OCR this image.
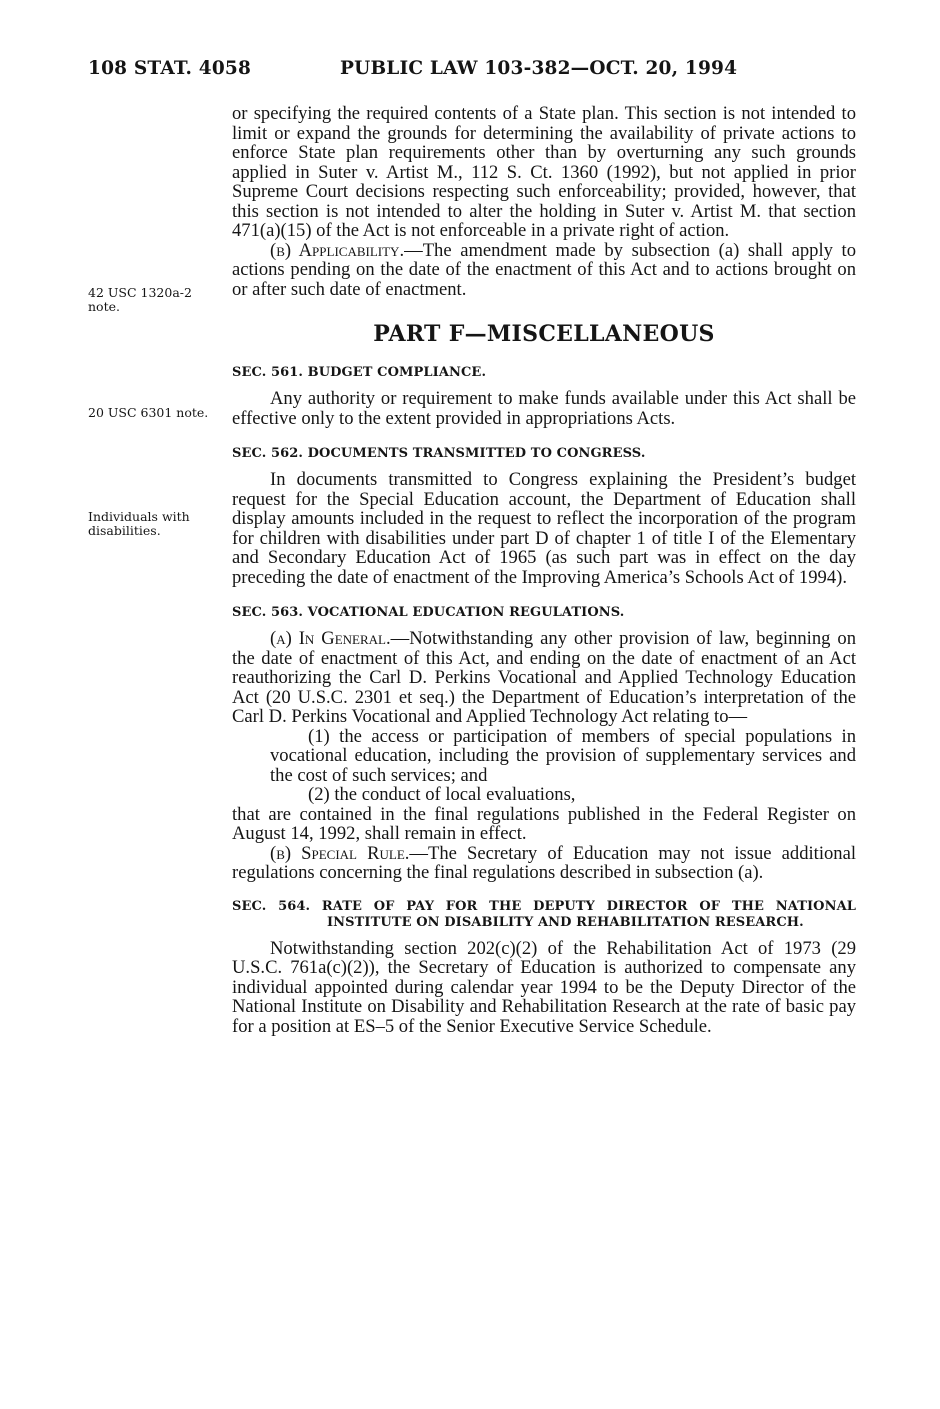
108 STAT. 4058	PUBLIC LAW 103-382—OCT. 20, 1994
42 USC 1320a-2 note.
20 USC 6301 note.
Individuals with disabilities.

or specifying the required contents of a State plan. This section is not intended to limit or expand the grounds for determining the availability of private actions to enforce State plan requirements other than by overturning any such grounds applied in Suter v. Artist M., 112 S. Ct. 1360 (1992), but not applied in prior Supreme Court decisions respecting such enforceability; provided, however, that this section is not intended to alter the holding in Suter v. Artist M. that section 471(a)(15) of the Act is not enforceable in a private right of action.

(b) Applicability.—The amendment made by subsection (a) shall apply to actions pending on the date of the enactment of this Act and to actions brought on or after such date of enactment.

PART F—MISCELLANEOUS
SEC. 561. BUDGET COMPLIANCE.

Any authority or requirement to make funds available under this Act shall be effective only to the extent provided in appropriations Acts.

SEC. 562. DOCUMENTS TRANSMITTED TO CONGRESS.

In documents transmitted to Congress explaining the President’s budget request for the Special Education account, the Department of Education shall display amounts included in the request to reflect the incorporation of the program for children with disabilities under part D of chapter 1 of title I of the Elementary and Secondary Education Act of 1965 (as such part was in effect on the day preceding the date of enactment of the Improving America’s Schools Act of 1994).

SEC. 563. VOCATIONAL EDUCATION REGULATIONS.

(a) In General.—Notwithstanding any other provision of law, beginning on the date of enactment of this Act, and ending on the date of enactment of an Act reauthorizing the Carl D. Perkins Vocational and Applied Technology Education Act (20 U.S.C. 2301 et seq.) the Department of Education’s interpretation of the Carl D. Perkins Vocational and Applied Technology Act relating to—

(1) the access or participation of members of special populations in vocational education, including the provision of supplementary services and the cost of such services; and

(2) the conduct of local evaluations,

that are contained in the final regulations published in the Federal Register on August 14, 1992, shall remain in effect.

(b) Special Rule.—The Secretary of Education may not issue additional regulations concerning the final regulations described in subsection (a).

SEC. 564. RATE OF PAY FOR THE DEPUTY DIRECTOR OF THE NATIONAL INSTITUTE ON DISABILITY AND REHABILITATION RESEARCH.

Notwithstanding section 202(c)(2) of the Rehabilitation Act of 1973 (29 U.S.C. 761a(c)(2)), the Secretary of Education is authorized to compensate any individual appointed during calendar year 1994 to be the Deputy Director of the National Institute on Disability and Rehabilitation Research at the rate of basic pay for a position at ES–5 of the Senior Executive Service Schedule.
